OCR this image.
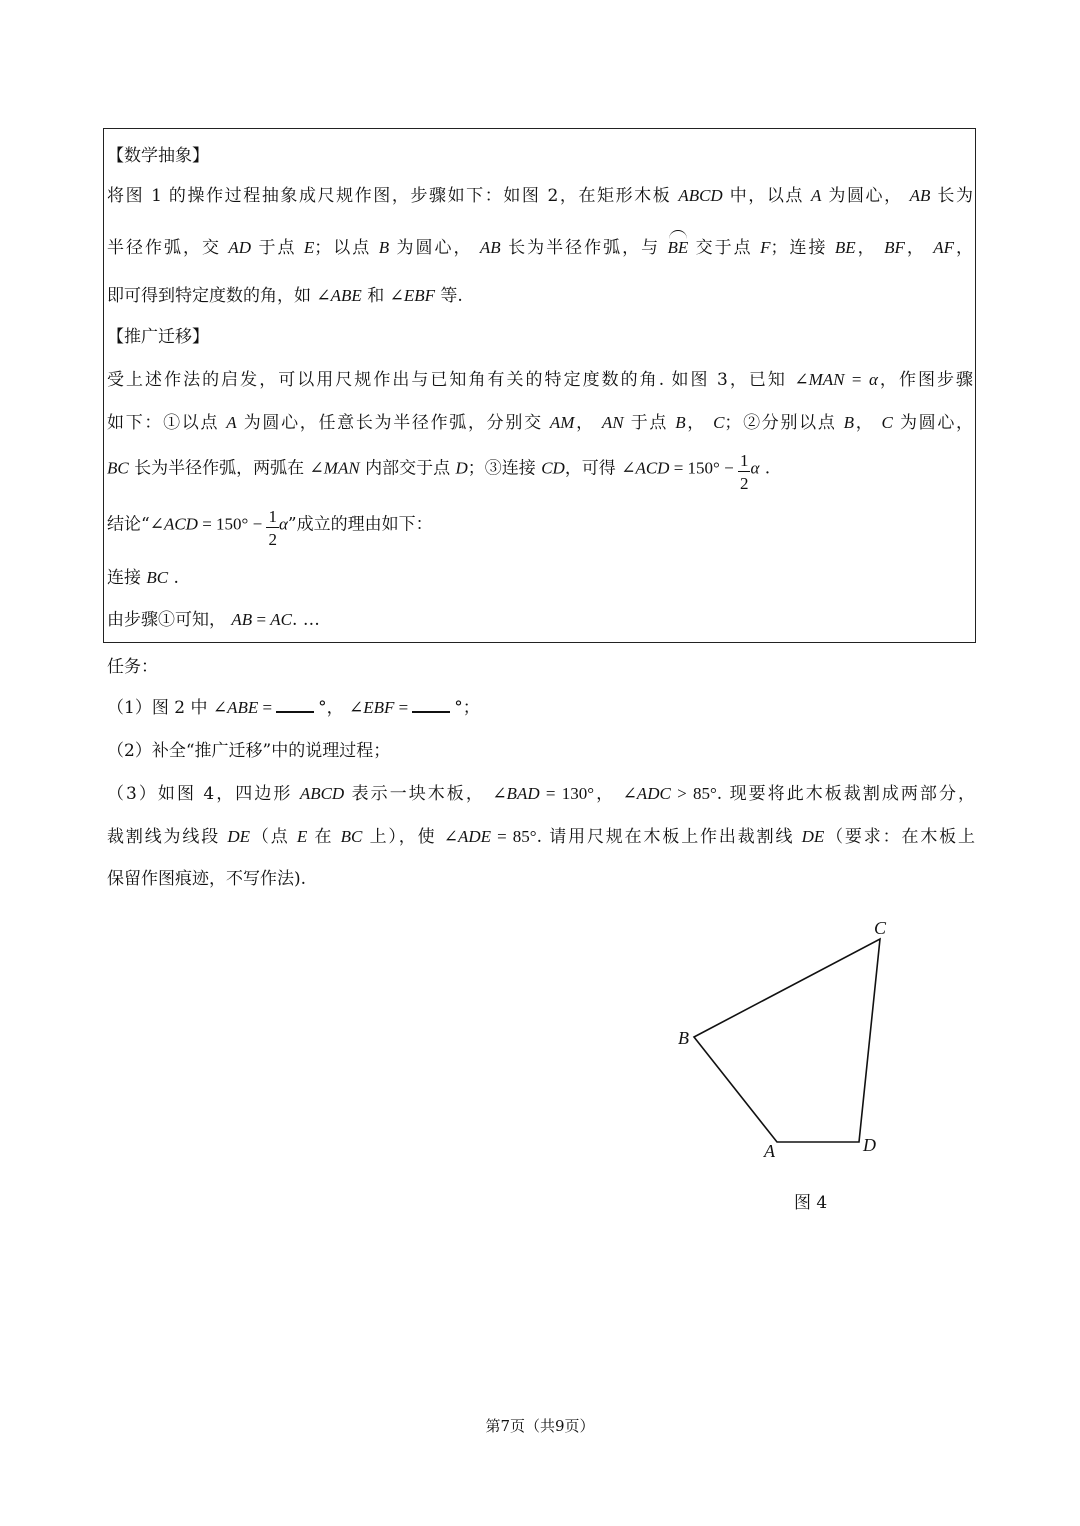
【数学抽象】
将图 1 的操作过程抽象成尺规作图，步骤如下：如图 2，在矩形木板 ABCD 中，以点 A 为圆心， AB 长为
半径作弧，交 AD 于点 E；以点 B 为圆心， AB 长为半径作弧，与 BE 交于点 F；连接 BE， BF， AF，
即可得到特定度数的角，如 ∠ABE 和 ∠EBF 等.
【推广迁移】
受上述作法的启发，可以用尺规作出与已知角有关的特定度数的角. 如图 3，已知 ∠MAN = α，作图步骤
如下：①以点 A 为圆心，任意长为半径作弧，分别交 AM， AN 于点 B， C；②分别以点 B， C 为圆心，
BC 长为半径作弧，两弧在 ∠MAN 内部交于点 D；③连接 CD，可得 ∠ACD = $150^\circ - \frac{1}{2}$ α .
结论“∠ACD = $150^\circ - \frac{1}{2} \alpha$”成立的理由如下：
连接 BC .
由步骤①可知， AB = AC. …
任务：
（1）图 2 中 ∠ABE =	°， ∠EBF =	°；
（2）补全“推广迁移”中的说理过程；
（3）如图 4，四边形 ABCD 表示一块木板， ∠BAD = 130°， ∠ADC > 85°. 现要将此木板裁割成两部分，
裁割线为线段 DE（点 E 在 BC 上），使 ∠ADE = 85°. 请用尺规在木板上作出裁割线 DE（要求：在木板上
保留作图痕迹，不写作法).
C
B
A	D
图 4
第7页（共9页）
